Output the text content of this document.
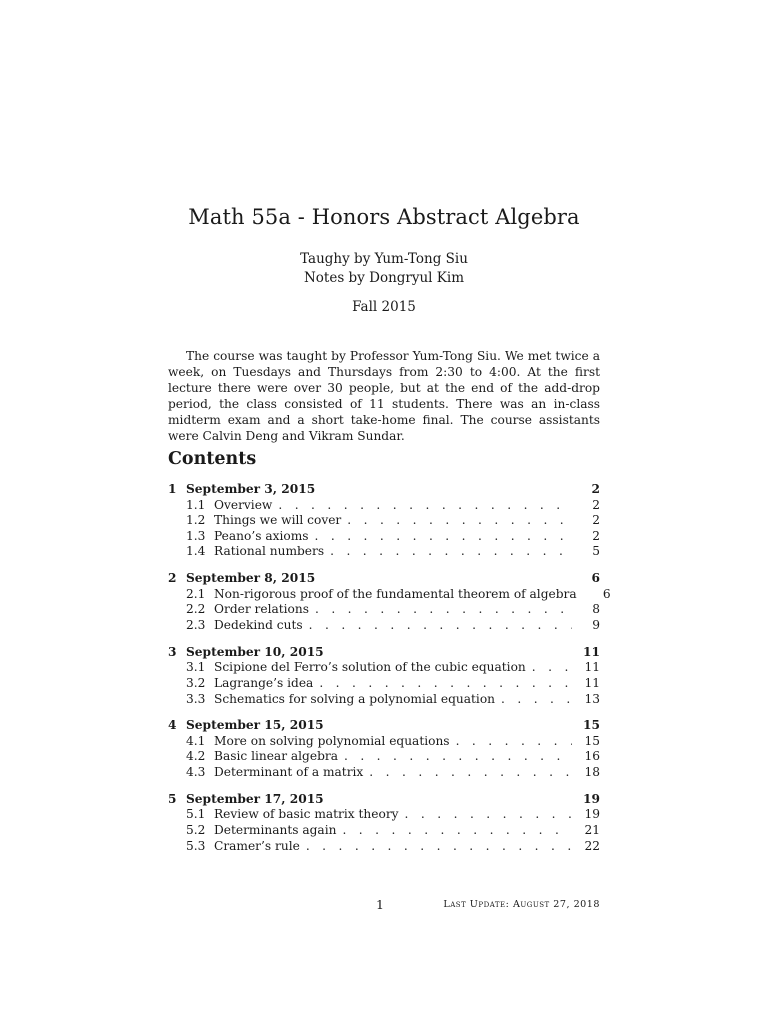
Math 55a - Honors Abstract Algebra
Taughy by Yum-Tong Siu
Notes by Dongryul Kim
Fall 2015

The course was taught by Professor Yum-Tong Siu. We met twice a week, on Tuesdays and Thursdays from 2:30 to 4:00. At the first lecture there were over 30 people, but at the end of the add-drop period, the class consisted of 11 students. There was an in-class midterm exam and a short take-home final. The course assistants were Calvin Deng and Vikram Sundar.

Contents
1 September 3, 2015	2
1.1 Overview . . .	2
1.2 Things we will cover . . .	2
1.3 Peano’s axioms . . .	2
1.4 Rational numbers . . .	5
2 September 8, 2015	6
2.1 Non-rigorous proof of the fundamental theorem of algebra	6
2.2 Order relations . . .	8
2.3 Dedekind cuts . . .	9
3 September 10, 2015	11
3.1 Scipione del Ferro’s solution of the cubic equation . . .	11
3.2 Lagrange’s idea . . .	11
3.3 Schematics for solving a polynomial equation . . .	13
4 September 15, 2015	15
4.1 More on solving polynomial equations . . .	15
4.2 Basic linear algebra . . .	16
4.3 Determinant of a matrix . . .	18
5 September 17, 2015	19
5.1 Review of basic matrix theory . . .	19
5.2 Determinants again . . .	21
5.3 Cramer’s rule . . .	22
1	Last Update: August 27, 2018
